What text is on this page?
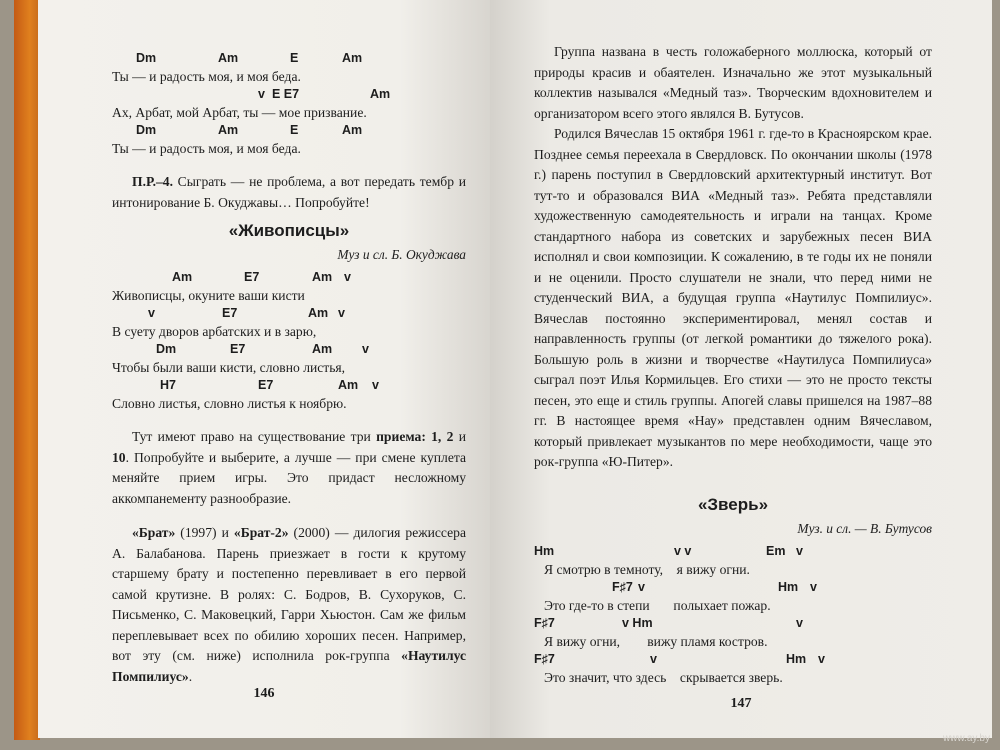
Dm	Am	E	Am
Ты — и радость моя, и моя беда.
v E E7	Am
Ах, Арбат, мой Арбат, ты — мое призвание.
Dm	Am	E	Am
Ты — и радость моя, и моя беда.
П.Р.–4. Сыграть — не проблема, а вот передать тембр и интонирование Б. Окуджавы… Попробуйте!
«Живописцы»
Муз и сл. Б. Окуджава
Am	E7	Am v
Живописцы, окуните ваши кисти
v	E7	Am v
В суету дворов арбатских и в зарю,
Dm	E7	Am v
Чтобы были ваши кисти, словно листья,
H7	E7	Am v
Словно листья, словно листья к ноябрю.
Тут имеют право на существование три приема: 1, 2 и 10. Попробуйте и выберите, а лучше — при смене куплета меняйте прием игры. Это придаст несложному аккомпанементу разнообразие.
«Брат» (1997) и «Брат-2» (2000) — дилогия режиссера А. Балабанова. Парень приезжает в гости к крутому старшему брату и постепенно перевливает в его первой самой крутизне. В ролях: С. Бодров, В. Сухоруков, С. Письменко, С. Маковецкий, Гарри Хьюстон. Сам же фильм переплевывает всех по обилию хороших песен. Например, вот эту (см. ниже) исполнила рок-группа «Наутилус Помпилиус».
146
Группа названа в честь голожаберного моллюска, который от природы красив и обаятелен. Изначально же этот музыкальный коллектив назывался «Медный таз». Творческим вдохновителем и организатором всего этого являлся В. Бутусов.
Родился Вячеслав 15 октября 1961 г. где-то в Красноярском крае. Позднее семья переехала в Свердловск. По окончании школы (1978 г.) парень поступил в Свердловский архитектурный институт. Вот тут-то и образовался ВИА «Медный таз». Ребята представляли художественную самодеятельность и играли на танцах. Кроме стандартного набора из советских и зарубежных песен ВИА исполнял и свои композиции. К сожалению, в те годы их не поняли и не оценили. Просто слушатели не знали, что перед ними не студенческий ВИА, а будущая группа «Наутилус Помпилиус». Вячеслав постоянно экспериментировал, менял состав и направленность группы (от легкой романтики до тяжелого рока). Большую роль в жизни и творчестве «Наутилуса Помпилиуса» сыграл поэт Илья Кормильцев. Его стихи — это не просто тексты песен, это еще и стиль группы. Апогей славы пришелся на 1987–88 гг. В настоящее время «Нау» представлен одним Вячеславом, который привлекает музыкантов по мере необходимости, чаще это рок-группа «Ю-Питер».
«Зверь»
Муз. и сл. — В. Бутусов
Hm	v v	Em v
Я смотрю в темноту,    я вижу огни.
F♯7 v	Hm v
Это где-то в степи       полыхает пожар.
F♯7	v Hm	v
Я вижу огни,        вижу пламя костров.
F♯7	v	Hm v
Это значит, что здесь    скрывается зверь.
147
www.ay.by
